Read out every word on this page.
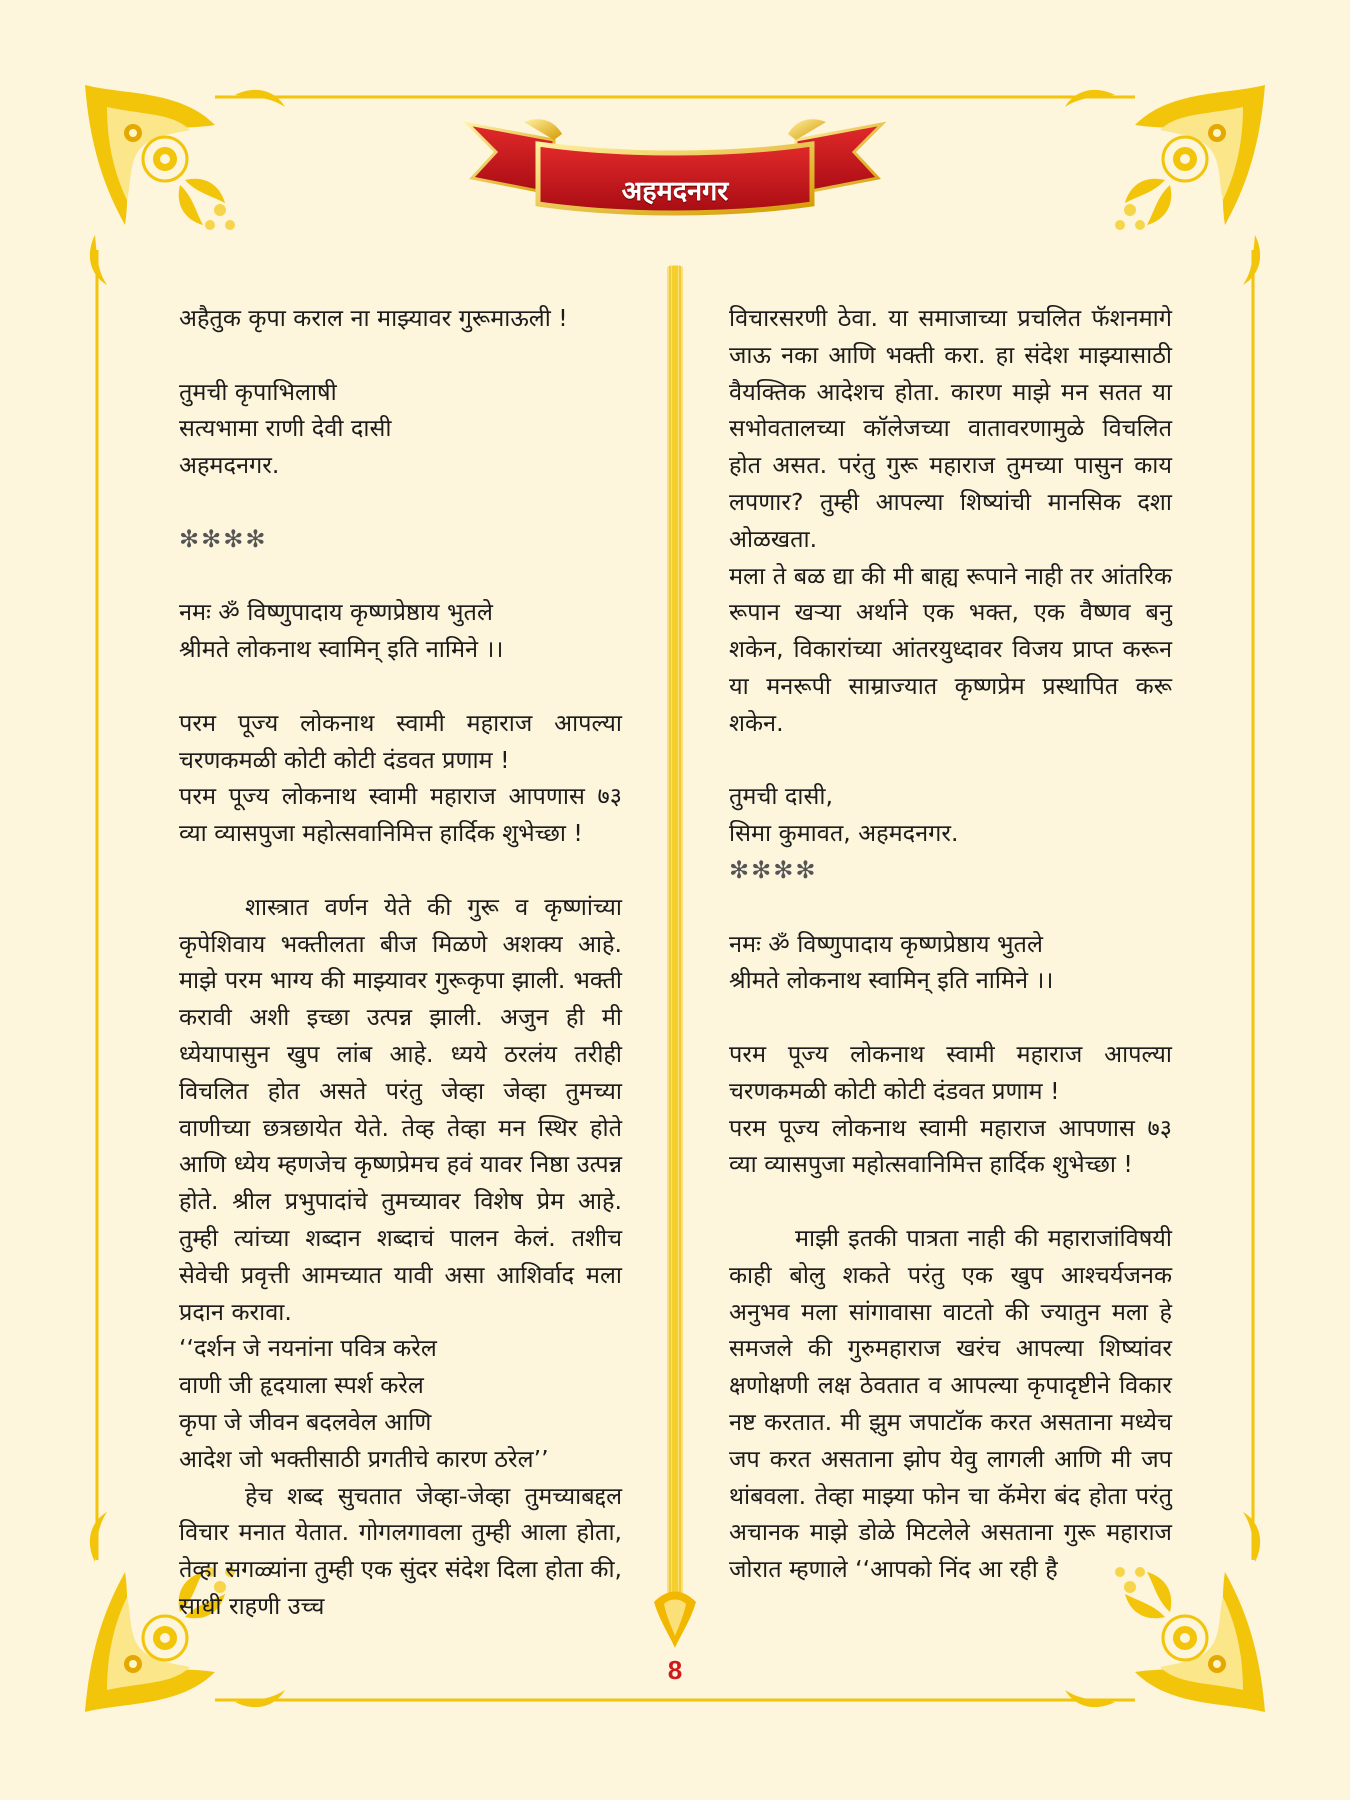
अहमदनगर

अहैतुक कृपा कराल ना माझ्यावर गुरूमाऊली !

तुमची कृपाभिलाषी

सत्यभामा राणी देवी दासी

अहमदनगर.

✻✻✻✻

नमः ॐ विष्णुपादाय कृष्णप्रेष्ठाय भुतले

श्रीमते लोकनाथ स्वामिन् इति नामिने ।।

परम पूज्य लोकनाथ स्वामी महाराज आपल्या चरणकमळी कोटी कोटी दंडवत प्रणाम !

परम पूज्य लोकनाथ स्वामी महाराज आपणास ७३ व्या व्यासपुजा महोत्सवानिमित्त हार्दिक शुभेच्छा !

शास्त्रात वर्णन येते की गुरू व कृष्णांच्या कृपेशिवाय भक्तीलता बीज मिळणे अशक्य आहे. माझे परम भाग्य की माझ्यावर गुरूकृपा झाली. भक्ती करावी अशी इच्छा उत्पन्न झाली. अजुन ही मी ध्येयापासुन खुप लांब आहे. ध्यये ठरलंय तरीही विचलित होत असते परंतु जेव्हा जेव्हा तुमच्या वाणीच्या छत्रछायेत येते. तेव्ह तेव्हा मन स्थिर होते आणि ध्येय म्हणजेच कृष्णप्रेमच हवं यावर निष्ठा उत्पन्न होते. श्रील प्रभुपादांचे तुमच्यावर विशेष प्रेम आहे. तुम्ही त्यांच्या शब्दान शब्दाचं पालन केलं. तशीच सेवेची प्रवृत्ती आमच्यात यावी असा आशिर्वाद मला प्रदान करावा.

‘‘दर्शन जे नयनांना पवित्र करेल

वाणी जी हृदयाला स्पर्श करेल

कृपा जे जीवन बदलवेल आणि

आदेश जो भक्तीसाठी प्रगतीचे कारण ठरेल’’

हेच शब्द सुचतात जेव्हा-जेव्हा तुमच्याबद्दल विचार मनात येतात. गोगलगावला तुम्ही आला होता, तेव्हा सगळ्यांना तुम्ही एक सुंदर संदेश दिला होता की, साधी राहणी उच्च

विचारसरणी ठेवा. या समाजाच्या प्रचलित फॅशनमागे जाऊ नका आणि भक्ती करा. हा संदेश माझ्यासाठी वैयक्तिक आदेशच होता. कारण माझे मन सतत या सभोवतालच्या कॉलेजच्या वातावरणामुळे विचलित होत असत. परंतु गुरू महाराज तुमच्या पासुन काय लपणार? तुम्ही आपल्या शिष्यांची मानसिक दशा ओळखता.

मला ते बळ द्या की मी बाह्य रूपाने नाही तर आंतरिक रूपान खऱ्या अर्थाने एक भक्त, एक वैष्णव बनु शकेन, विकारांच्या आंतरयुध्दावर विजय प्राप्त करून या मनरूपी साम्राज्यात कृष्णप्रेम प्रस्थापित करू शकेन.

तुमची दासी,

सिमा कुमावत, अहमदनगर.

✻✻✻✻

नमः ॐ विष्णुपादाय कृष्णप्रेष्ठाय भुतले

श्रीमते लोकनाथ स्वामिन् इति नामिने ।।

परम पूज्य लोकनाथ स्वामी महाराज आपल्या चरणकमळी कोटी कोटी दंडवत प्रणाम !

परम पूज्य लोकनाथ स्वामी महाराज आपणास ७३ व्या व्यासपुजा महोत्सवानिमित्त हार्दिक शुभेच्छा !

माझी इतकी पात्रता नाही की महाराजांविषयी काही बोलु शकते परंतु एक खुप आश्चर्यजनक अनुभव मला सांगावासा वाटतो की ज्यातुन मला हे समजले की गुरुमहाराज खरंच आपल्या शिष्यांवर क्षणोक्षणी लक्ष ठेवतात व आपल्या कृपादृष्टीने विकार नष्ट करतात. मी झुम जपाटॉक करत असताना मध्येच जप करत असताना झोप येवु लागली आणि मी जप थांबवला. तेव्हा माझ्या फोन चा कॅमेरा बंद होता परंतु अचानक माझे डोळे मिटलेले असताना गुरू महाराज जोरात म्हणाले ‘‘आपको निंद आ रही है

8
